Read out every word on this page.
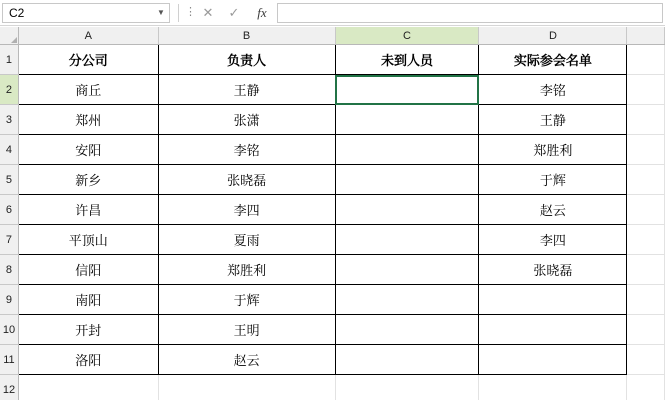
C2	▼	⋮ ✕	✓	fx
	A	B	C	D	
1	分公司	负责人	未到人员	实际参会名单	
2	商丘	王静		李铭	
3	郑州	张潇		王静	
4	安阳	李铭		郑胜利	
5	新乡	张晓磊		于辉	
6	许昌	李四		赵云	
7	平顶山	夏雨		李四	
8	信阳	郑胜利		张晓磊	
9	南阳	于辉			
10	开封	王明			
11	洛阳	赵云			
12					
